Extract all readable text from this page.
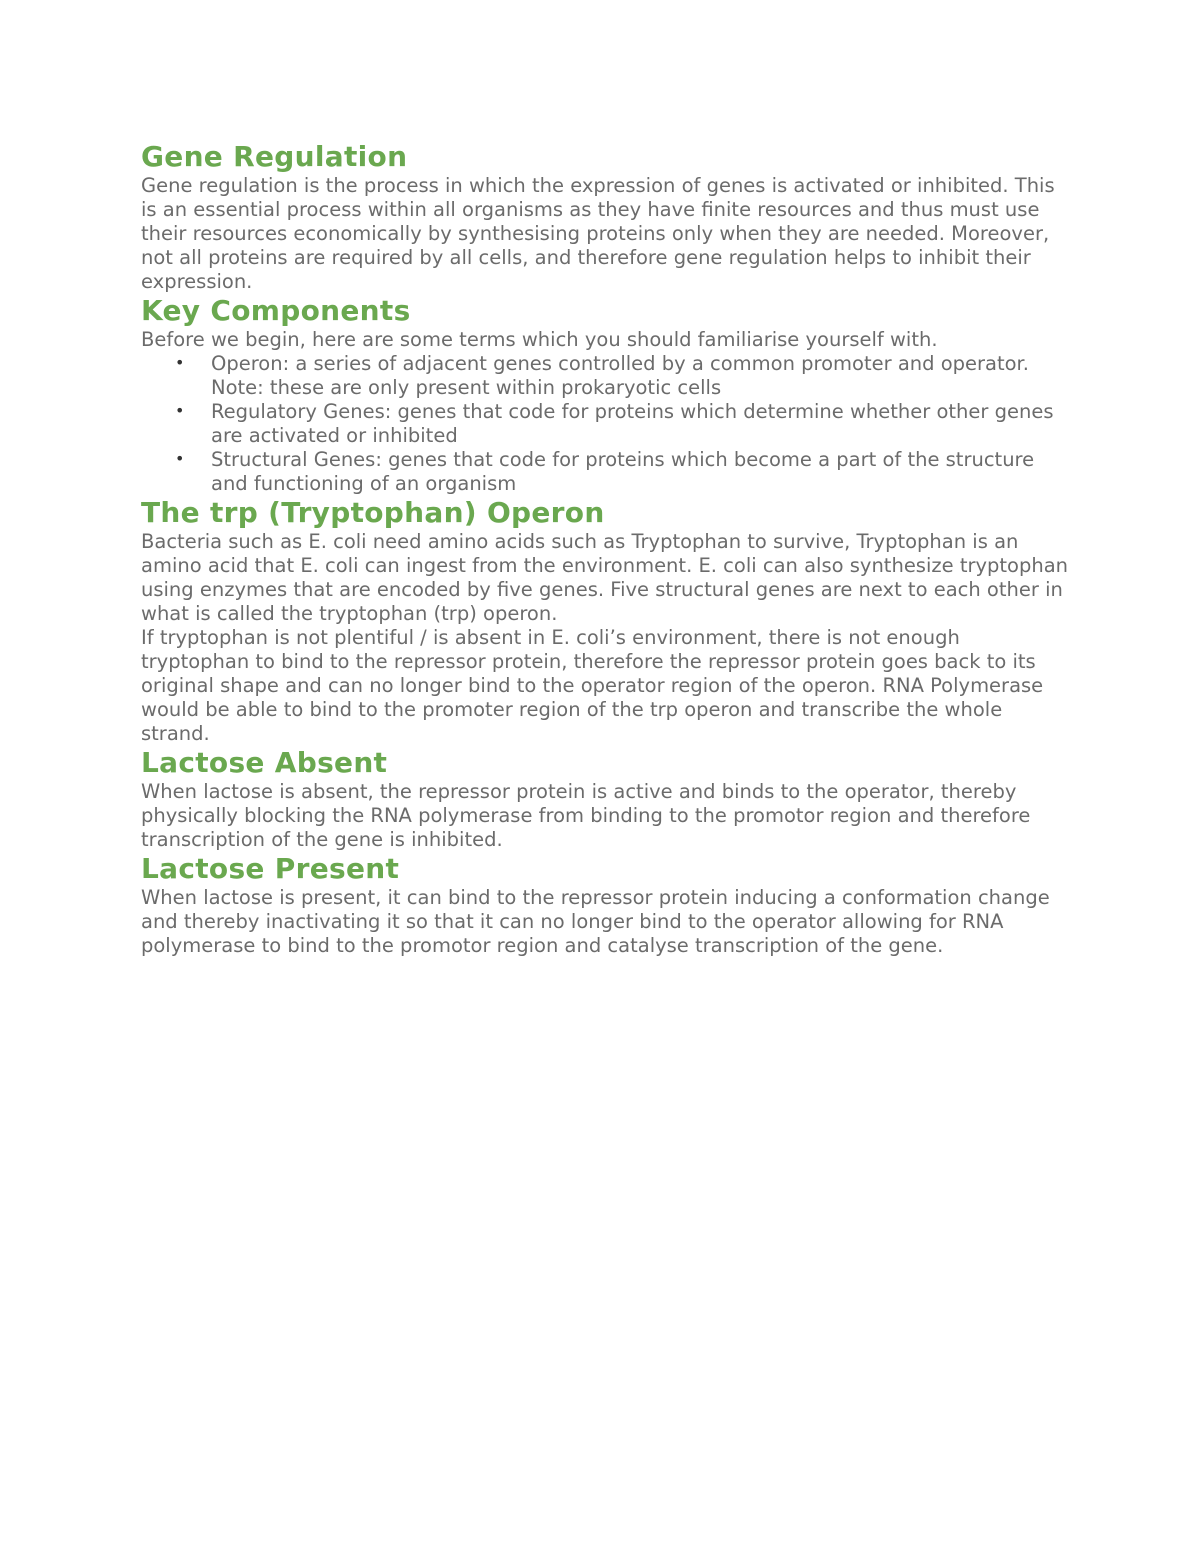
Gene Regulation

Gene regulation is the process in which the expression of genes is activated or inhibited. This is an essential process within all organisms as they have finite resources and thus must use their resources economically by synthesising proteins only when they are needed. Moreover, not all proteins are required by all cells, and therefore gene regulation helps to inhibit their expression.

Key Components

Before we begin, here are some terms which you should familiarise yourself with.

• Operon: a series of adjacent genes controlled by a common promoter and operator. Note: these are only present within prokaryotic cells
• Regulatory Genes: genes that code for proteins which determine whether other genes are activated or inhibited
• Structural Genes: genes that code for proteins which become a part of the structure and functioning of an organism
The trp (Tryptophan) Operon

Bacteria such as E. coli need amino acids such as Tryptophan to survive, Tryptophan is an amino acid that E. coli can ingest from the environment. E. coli can also synthesize tryptophan using enzymes that are encoded by five genes. Five structural genes are next to each other in what is called the tryptophan (trp) operon.

If tryptophan is not plentiful / is absent in E. coli’s environment, there is not enough tryptophan to bind to the repressor protein, therefore the repressor protein goes back to its original shape and can no longer bind to the operator region of the operon. RNA Polymerase would be able to bind to the promoter region of the trp operon and transcribe the whole strand.

Lactose Absent

When lactose is absent, the repressor protein is active and binds to the operator, thereby physically blocking the RNA polymerase from binding to the promotor region and therefore transcription of the gene is inhibited.

Lactose Present

When lactose is present, it can bind to the repressor protein inducing a conformation change and thereby inactivating it so that it can no longer bind to the operator allowing for RNA polymerase to bind to the promotor region and catalyse transcription of the gene.
